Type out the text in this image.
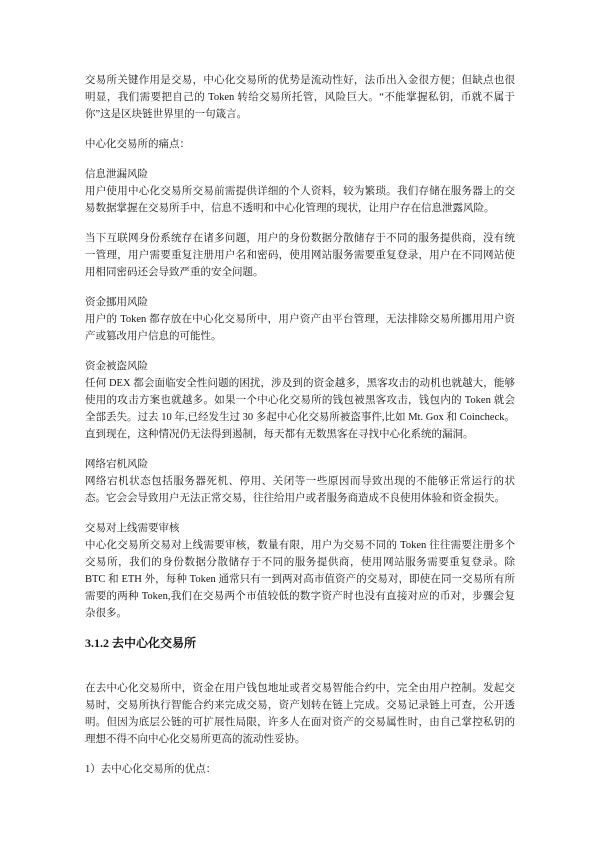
交易所关键作用是交易，中心化交易所的优势是流动性好，法币出入金很方便；但缺点也很明显，我们需要把自己的 Token 转给交易所托管，风险巨大。“不能掌握私钥，币就不属于你”这是区块链世界里的一句箴言。

中心化交易所的痛点：

信息泄漏风险
用户使用中心化交易所交易前需提供详细的个人资料，较为繁琐。我们存储在服务器上的交易数据掌握在交易所手中，信息不透明和中心化管理的现状，让用户存在信息泄露风险。

当下互联网身份系统存在诸多问题，用户的身份数据分散储存于不同的服务提供商，没有统一管理，用户需要重复注册用户名和密码，使用网站服务需要重复登录，用户在不同网站使用相同密码还会导致严重的安全问题。

资金挪用风险
用户的 Token 都存放在中心化交易所中，用户资产由平台管理，无法排除交易所挪用用户资产或篡改用户信息的可能性。
资金被盗风险
任何 DEX 都会面临安全性问题的困扰，涉及到的资金越多，黑客攻击的动机也就越大，能够使用的攻击方案也就越多。如果一个中心化交易所的钱包被黑客攻击，钱包内的 Token 就会全部丢失。过去 10 年,已经发生过 30 多起中心化交易所被盗事件,比如 Mt. Gox 和 Coincheck。直到现在，这种情况仍无法得到遏制，每天都有无数黑客在寻找中心化系统的漏洞。
网络宕机风险
网络宕机状态包括服务器死机、停用、关闭等一些原因而导致出现的不能够正常运行的状态。它会会导致用户无法正常交易，往往给用户或者服务商造成不良使用体验和资金损失。
交易对上线需要审核
中心化交易所交易对上线需要审核，数量有限，用户为交易不同的 Token 往往需要注册多个交易所，我们的身份数据分散储存于不同的服务提供商，使用网站服务需要重复登录。除 BTC 和 ETH 外，每种 Token 通常只有一到两对高市值资产的交易对，即使在同一交易所有所需要的两种 Token,我们在交易两个市值较低的数字资产时也没有直接对应的币对，步骤会复杂很多。
3.1.2 去中心化交易所

在去中心化交易所中，资金在用户钱包地址或者交易智能合约中，完全由用户控制。发起交易时，交易所执行智能合约来完成交易，资产划转在链上完成。交易记录链上可查，公开透明。但因为底层公链的可扩展性局限，许多人在面对资产的交易属性时，由自己掌控私钥的理想不得不向中心化交易所更高的流动性妥协。

1）去中心化交易所的优点：
